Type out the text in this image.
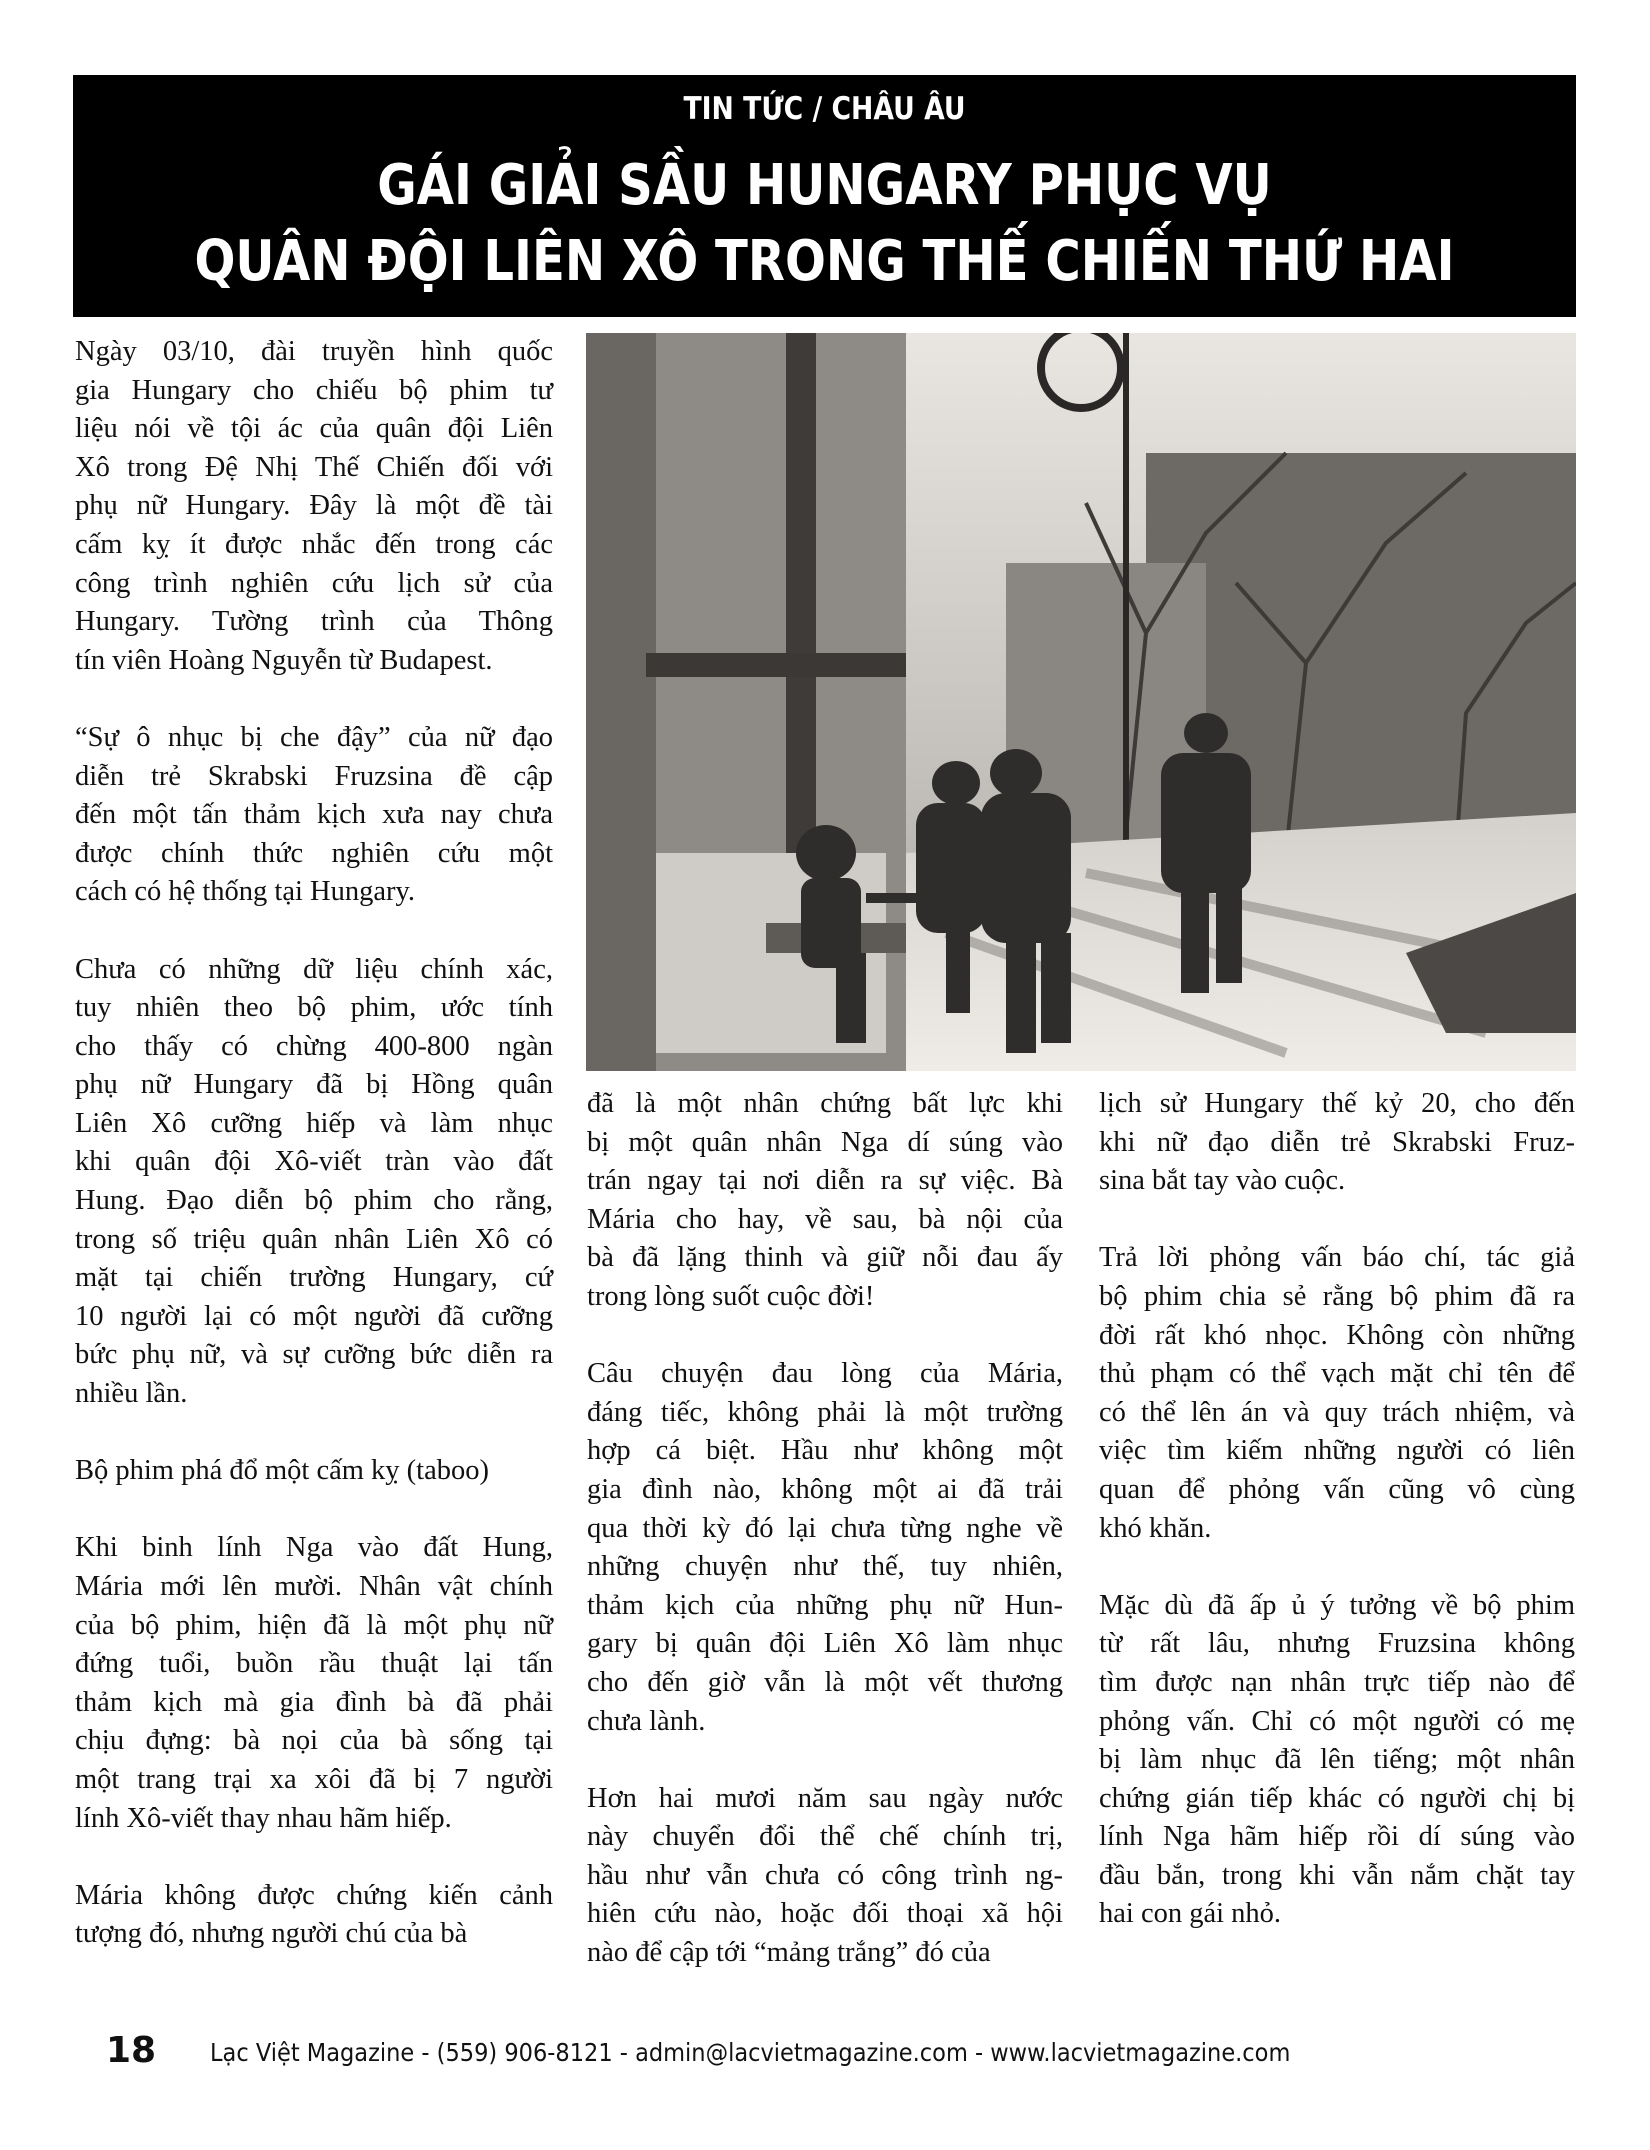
TIN TỨC / CHÂU ÂU
GÁI GIẢI SẦU HUNGARY PHỤC VỤ
QUÂN ĐỘI LIÊN XÔ TRONG THẾ CHIẾN THỨ HAI
Ngày 03/10, đài truyền hình quốc
gia Hungary cho chiếu bộ phim tư
liệu nói về tội ác của quân đội Liên
Xô trong Đệ Nhị Thế Chiến đối với
phụ nữ Hungary. Đây là một đề tài
cấm kỵ ít được nhắc đến trong các
công trình nghiên cứu lịch sử của
Hungary. Tường trình của Thông
tín viên Hoàng Nguyễn từ Budapest.
“Sự ô nhục bị che đậy” của nữ đạo
diễn trẻ Skrabski Fruzsina đề cập
đến một tấn thảm kịch xưa nay chưa
được chính thức nghiên cứu một
cách có hệ thống tại Hungary.
Chưa có những dữ liệu chính xác,
tuy nhiên theo bộ phim, ước tính
cho thấy có chừng 400-800 ngàn
phụ nữ Hungary đã bị Hồng quân
Liên Xô cưỡng hiếp và làm nhục
khi quân đội Xô-viết tràn vào đất
Hung. Đạo diễn bộ phim cho rằng,
trong số triệu quân nhân Liên Xô có
mặt tại chiến trường Hungary, cứ
10 người lại có một người đã cưỡng
bức phụ nữ, và sự cưỡng bức diễn ra
nhiều lần.
Bộ phim phá đổ một cấm kỵ (taboo)
Khi binh lính Nga vào đất Hung,
Mária mới lên mười. Nhân vật chính
của bộ phim, hiện đã là một phụ nữ
đứng tuổi, buồn rầu thuật lại tấn
thảm kịch mà gia đình bà đã phải
chịu đựng: bà nọi của bà sống tại
một trang trại xa xôi đã bị 7 người
lính Xô-viết thay nhau hãm hiếp.
Mária không được chứng kiến cảnh
tượng đó, nhưng người chú của bà
đã là một nhân chứng bất lực khi
bị một quân nhân Nga dí súng vào
trán ngay tại nơi diễn ra sự việc. Bà
Mária cho hay, về sau, bà nội của
bà đã lặng thinh và giữ nỗi đau ấy
trong lòng suốt cuộc đời!
Câu chuyện đau lòng của Mária,
đáng tiếc, không phải là một trường
hợp cá biệt. Hầu như không một
gia đình nào, không một ai đã trải
qua thời kỳ đó lại chưa từng nghe về
những chuyện như thế, tuy nhiên,
thảm kịch của những phụ nữ Hun-
gary bị quân đội Liên Xô làm nhục
cho đến giờ vẫn là một vết thương
chưa lành.
Hơn hai mươi năm sau ngày nước
này chuyển đổi thể chế chính trị,
hầu như vẫn chưa có công trình ng-
hiên cứu nào, hoặc đối thoại xã hội
nào để cập tới “mảng trắng” đó của
lịch sử Hungary thế kỷ 20, cho đến
khi nữ đạo diễn trẻ Skrabski Fruz-
sina bắt tay vào cuộc.
Trả lời phỏng vấn báo chí, tác giả
bộ phim chia sẻ rằng bộ phim đã ra
đời rất khó nhọc. Không còn những
thủ phạm có thể vạch mặt chỉ tên để
có thể lên án và quy trách nhiệm, và
việc tìm kiếm những người có liên
quan để phỏng vấn cũng vô cùng
khó khăn.
Mặc dù đã ấp ủ ý tưởng về bộ phim
từ rất lâu, nhưng Fruzsina không
tìm được nạn nhân trực tiếp nào để
phỏng vấn. Chỉ có một người có mẹ
bị làm nhục đã lên tiếng; một nhân
chứng gián tiếp khác có người chị bị
lính Nga hãm hiếp rồi dí súng vào
đầu bắn, trong khi vẫn nắm chặt tay
hai con gái nhỏ.
18 Lạc Việt Magazine - (559) 906-8121 - admin@lacvietmagazine.com - www.lacvietmagazine.com
